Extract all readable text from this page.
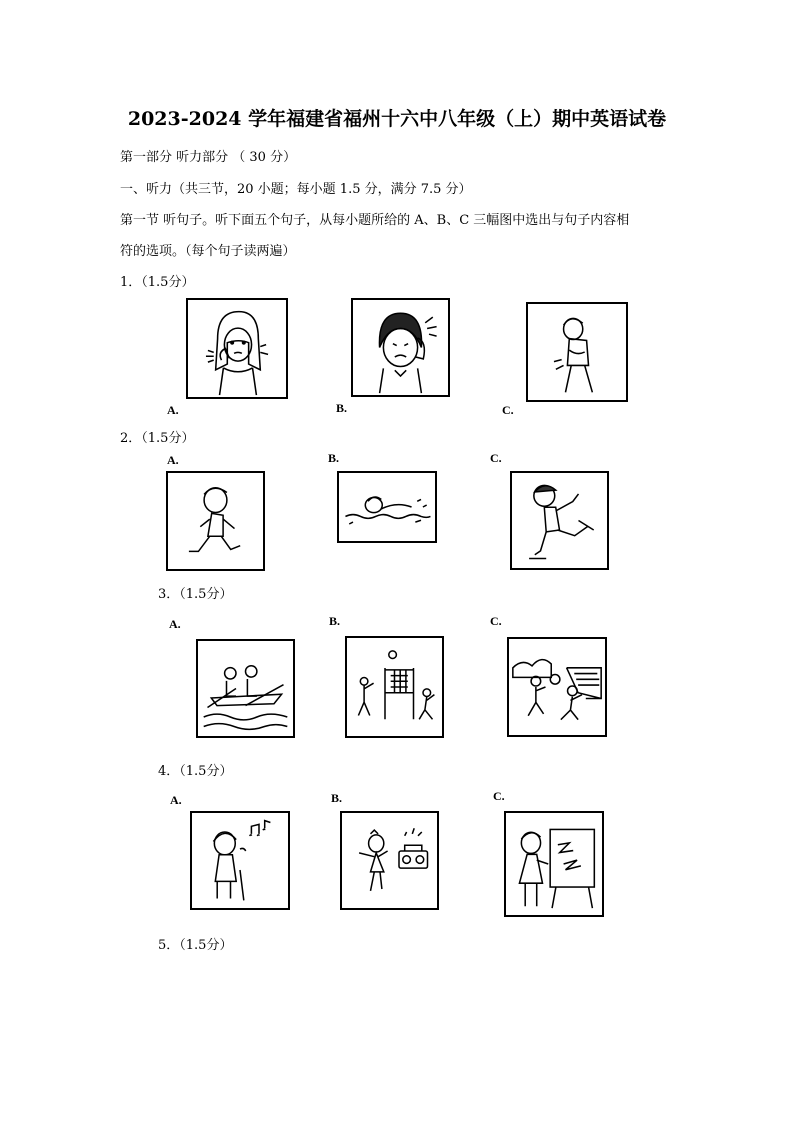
2023-2024 学年福建省福州十六中八年级（上）期中英语试卷
第一部分 听力部分 （ 30 分）
一、听力（共三节，20 小题；每小题 1.5 分，满分 7.5 分）
第一节 听句子。听下面五个句子，从每小题所给的 A、B、C 三幅图中选出与句子内容相
符的选项。（每个句子读两遍）
1．（1.5分）
A.	B.	C.
2．（1.5分）
A.	B.	C.
3．（1.5分）
A.	B.	C.
4．（1.5分）
A.	B.	C.
5．（1.5分）
